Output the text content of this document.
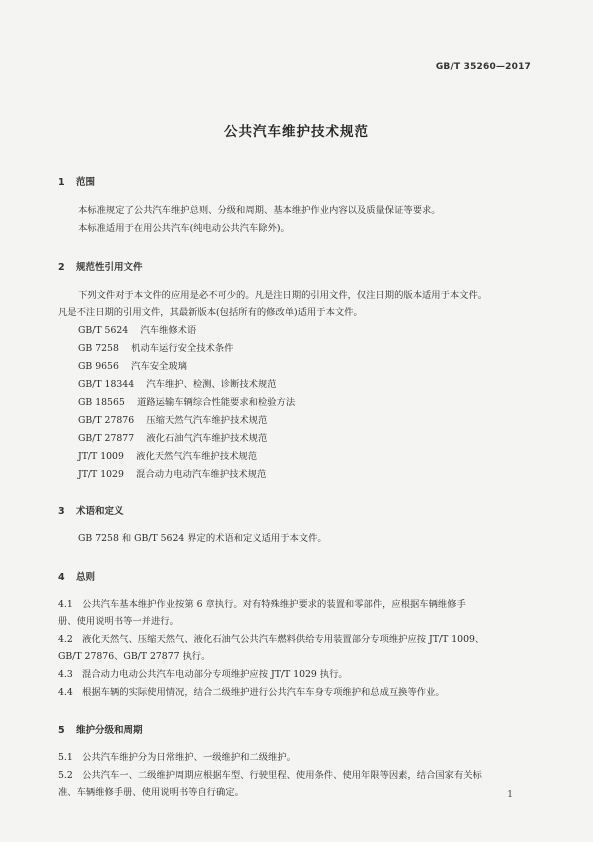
GB/T 35260—2017
公共汽车维护技术规范
1 范围
本标准规定了公共汽车维护总则、分级和周期、基本维护作业内容以及质量保证等要求。
本标准适用于在用公共汽车(纯电动公共汽车除外)。
2 规范性引用文件
下列文件对于本文件的应用是必不可少的。凡是注日期的引用文件，仅注日期的版本适用于本文件。
凡是不注日期的引用文件，其最新版本(包括所有的修改单)适用于本文件。
GB/T 5624　 汽车维修术语
GB 7258　 机动车运行安全技术条件
GB 9656　 汽车安全玻璃
GB/T 18344　 汽车维护、检测、诊断技术规范
GB 18565　 道路运输车辆综合性能要求和检验方法
GB/T 27876　 压缩天然气汽车维护技术规范
GB/T 27877　 液化石油气汽车维护技术规范
JT/T 1009　 液化天然气汽车维护技术规范
JT/T 1029　 混合动力电动汽车维护技术规范
3 术语和定义
GB 7258 和 GB/T 5624 界定的术语和定义适用于本文件。
4 总则
4.1　公共汽车基本维护作业按第 6 章执行。对有特殊维护要求的装置和零部件，应根据车辆维修手
册、使用说明书等一并进行。
4.2　液化天然气、压缩天然气、液化石油气公共汽车燃料供给专用装置部分专项维护应按 JT/T 1009、
GB/T 27876、GB/T 27877 执行。
4.3　混合动力电动公共汽车电动部分专项维护应按 JT/T 1029 执行。
4.4　根据车辆的实际使用情况，结合二级维护进行公共汽车车身专项维护和总成互换等作业。
5 维护分级和周期
5.1　公共汽车维护分为日常维护、一级维护和二级维护。
5.2　公共汽车一、二级维护周期应根据车型、行驶里程、使用条件、使用年限等因素，结合国家有关标
准、车辆维修手册、使用说明书等自行确定。	1
